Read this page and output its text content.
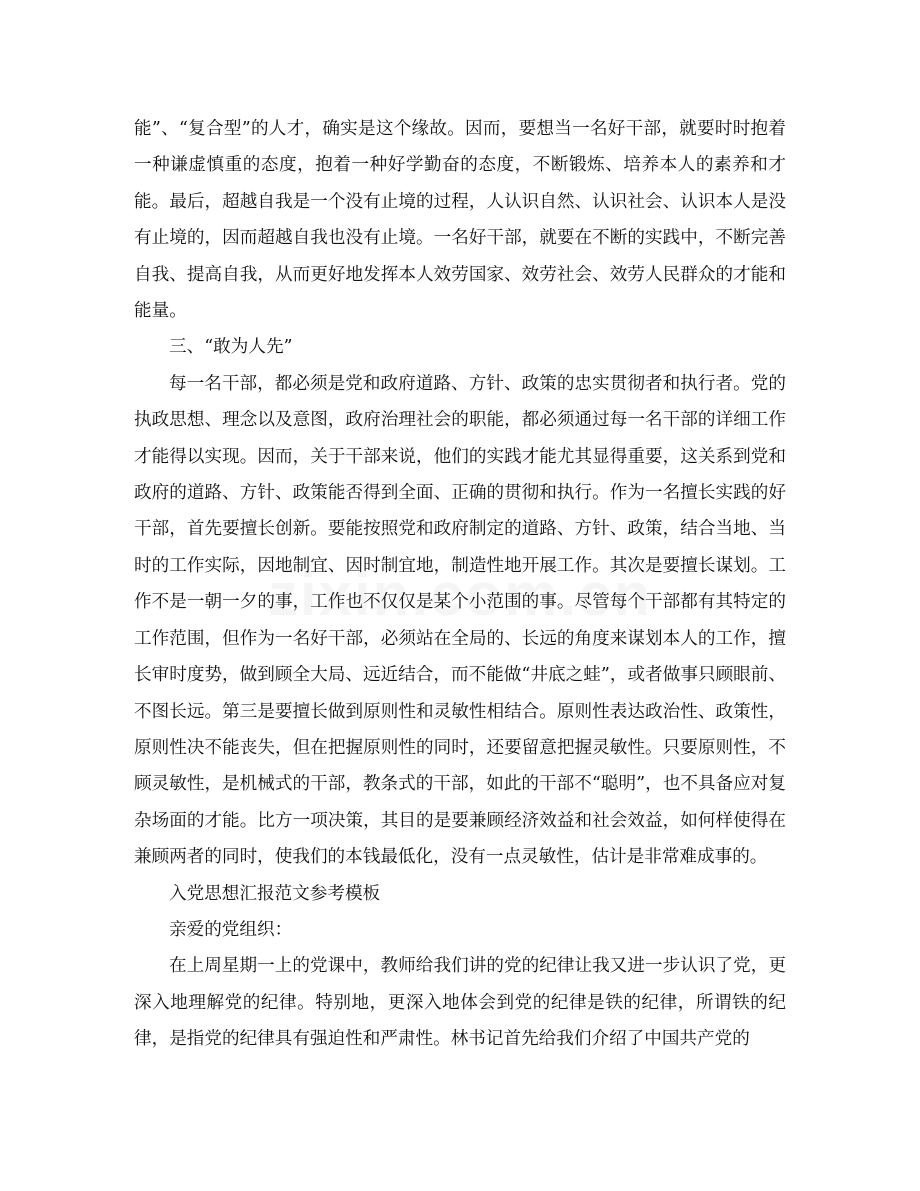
能”、“复合型”的人才，确实是这个缘故。因而，要想当一名好干部，就要时时抱着一种谦虚慎重的态度，抱着一种好学勤奋的态度，不断锻炼、培养本人的素养和才能。最后，超越自我是一个没有止境的过程，人认识自然、认识社会、认识本人是没有止境的，因而超越自我也没有止境。一名好干部，就要在不断的实践中，不断完善自我、提高自我，从而更好地发挥本人效劳国家、效劳社会、效劳人民群众的才能和能量。

三、“敢为人先”

每一名干部，都必须是党和政府道路、方针、政策的忠实贯彻者和执行者。党的执政思想、理念以及意图，政府治理社会的职能，都必须通过每一名干部的详细工作才能得以实现。因而，关于干部来说，他们的实践才能尤其显得重要，这关系到党和政府的道路、方针、政策能否得到全面、正确的贯彻和执行。作为一名擅长实践的好干部，首先要擅长创新。要能按照党和政府制定的道路、方针、政策，结合当地、当时的工作实际，因地制宜、因时制宜地，制造性地开展工作。其次是要擅长谋划。工作不是一朝一夕的事，工作也不仅仅是某个小范围的事。尽管每个干部都有其特定的工作范围，但作为一名好干部，必须站在全局的、长远的角度来谋划本人的工作，擅长审时度势，做到顾全大局、远近结合，而不能做“井底之蛙”，或者做事只顾眼前、不图长远。第三是要擅长做到原则性和灵敏性相结合。原则性表达政治性、政策性，原则性决不能丧失，但在把握原则性的同时，还要留意把握灵敏性。只要原则性，不顾灵敏性，是机械式的干部，教条式的干部，如此的干部不“聪明”，也不具备应对复杂场面的才能。比方一项决策，其目的是要兼顾经济效益和社会效益，如何样使得在兼顾两者的同时，使我们的本钱最低化，没有一点灵敏性，估计是非常难成事的。

入党思想汇报范文参考模板

亲爱的党组织：

在上周星期一上的党课中，教师给我们讲的党的纪律让我又进一步认识了党，更深入地理解党的纪律。特别地，更深入地体会到党的纪律是铁的纪律，所谓铁的纪律，是指党的纪律具有强迫性和严肃性。林书记首先给我们介绍了中国共产党的
